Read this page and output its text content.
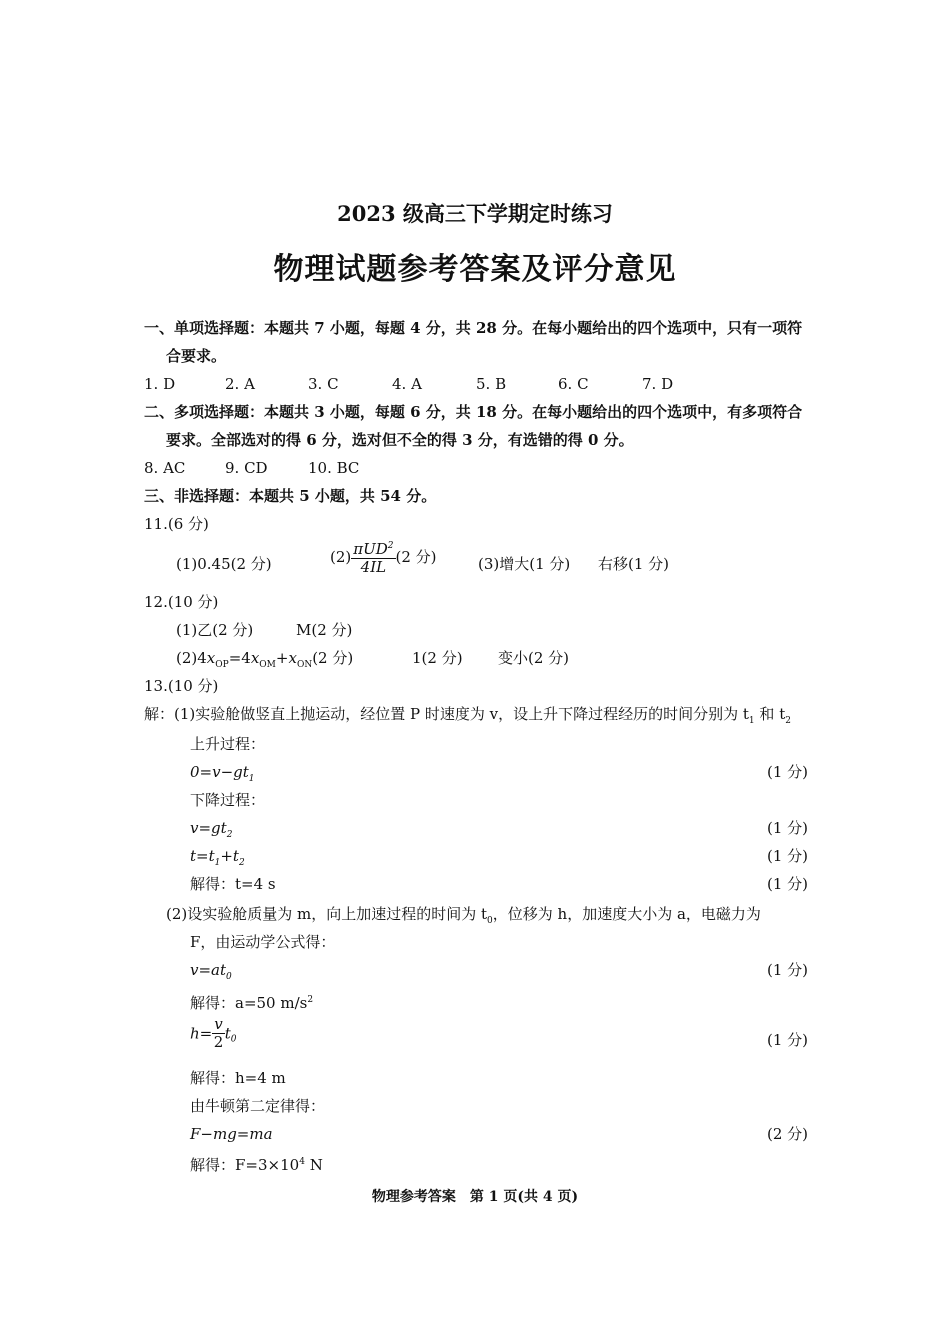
2023 级高三下学期定时练习
物理试题参考答案及评分意见
一、单项选择题：本题共 7 小题，每题 4 分，共 28 分。在每小题给出的四个选项中，只有一项符
合要求。
1. D	2. A	3. C	4. A	5. B	6. C	7. D
二、多项选择题：本题共 3 小题，每题 6 分，共 18 分。在每小题给出的四个选项中，有多项符合
要求。全部选对的得 6 分，选对但不全的得 3 分，有选错的得 0 分。
8. AC	9. CD	10. BC
三、非选择题：本题共 5 小题，共 54 分。
11.(6 分)
(1)0.45(2 分)	$(2) \frac{\pi UD^2}{4IL} (2$ 分)	(3)增大(1 分) 右移(1 分)
12.(10 分)
(1)乙(2 分)	M(2 分)
$(2)4x_{OP}=4x_{OM}+x_{ON}(2$ 分)	1(2 分) 变小(2 分)
13.(10 分)
解：(1)实验舱做竖直上抛运动，经位置 P 时速度为 v，设上升下降过程经历的时间分别为 $t_1$ 和 $t_2$
上升过程：
$0=v-gt_1$	(1 分)
下降过程：
$v=gt_2$	(1 分)
$t=t_1+t_2$	(1 分)
解得：t=4 s	(1 分)
(2)设实验舱质量为 m，向上加速过程的时间为 $t_0$，位移为 h，加速度大小为 a，电磁力为
F，由运动学公式得：
$v=at_0$	(1 分)
解得：a=50 $m/s^2$
$h= \frac{v}{2} t_0$	(1 分)
解得：h=4 m
由牛顿第二定律得：
F−mg=ma	(2 分)
解得：$F=3\times 10^4$ N
物理参考答案　第 1 页(共 4 页)
